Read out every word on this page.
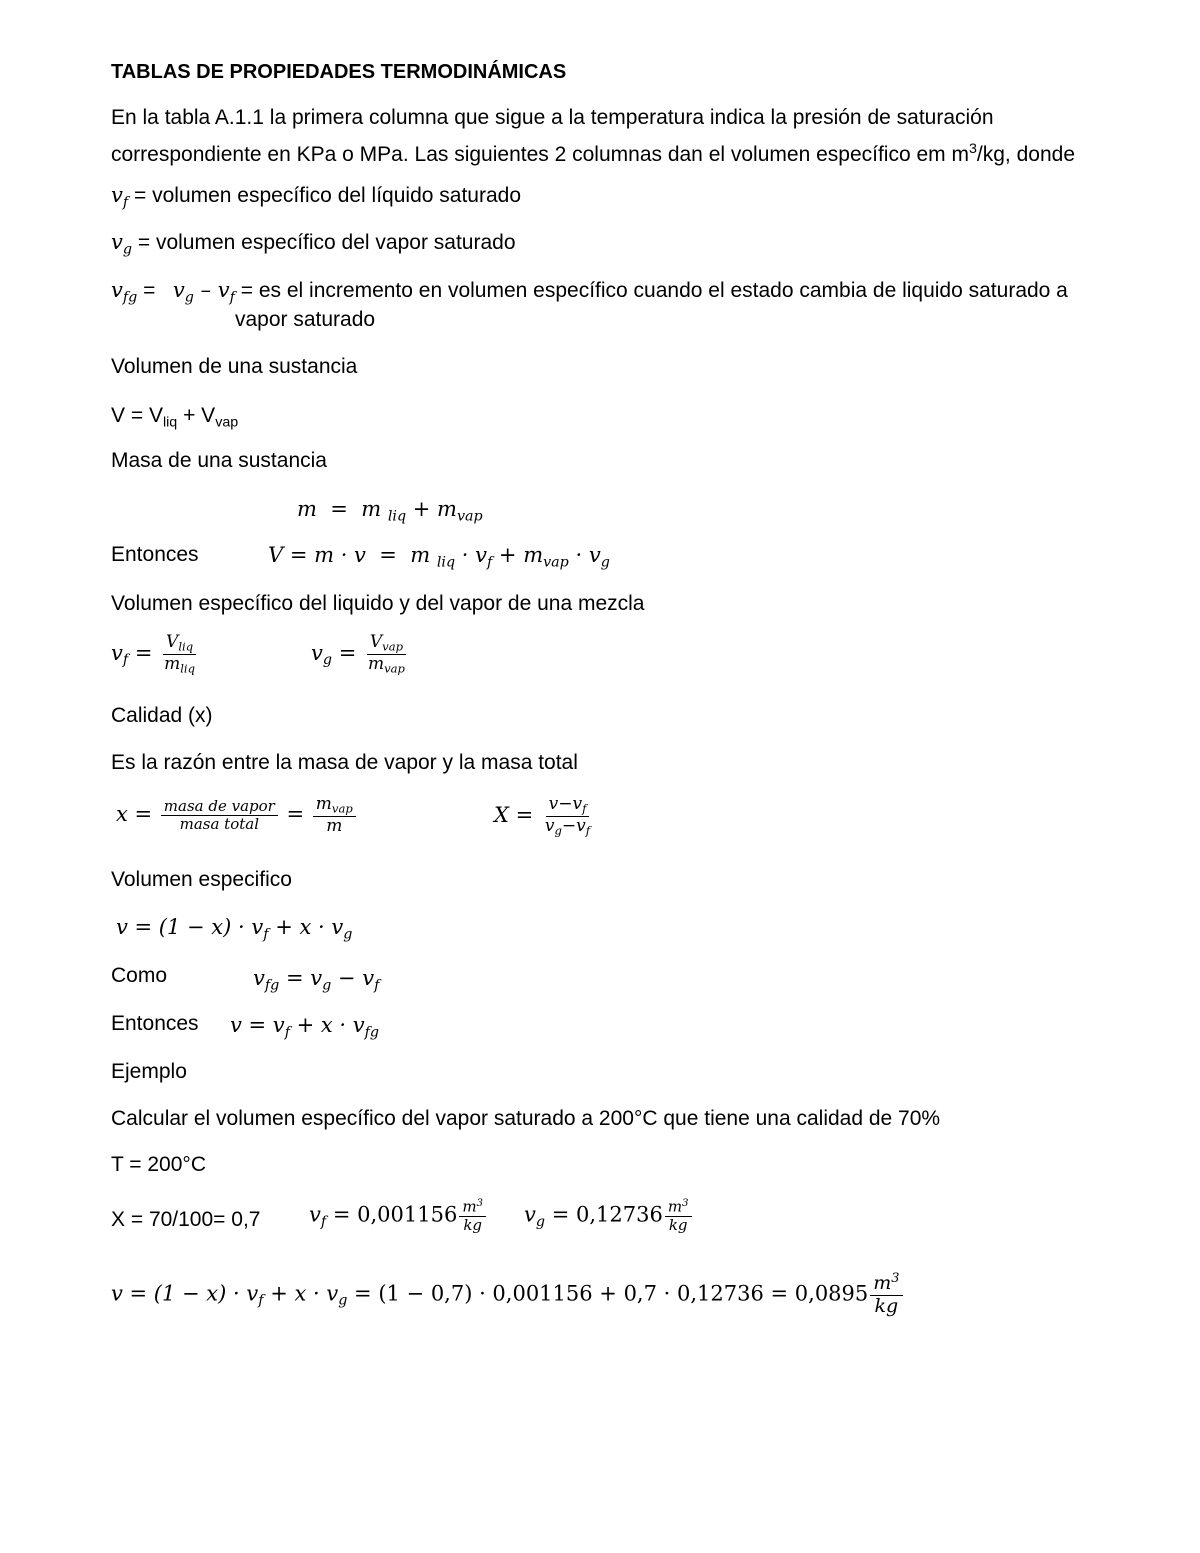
TABLAS DE PROPIEDADES TERMODINÁMICAS
En la tabla A.1.1 la primera columna que sigue a la temperatura indica la presión de saturación
correspondiente en KPa o MPa. Las siguientes 2 columnas dan el volumen específico em $m^3/kg$, donde
$v_f$ = volumen específico del líquido saturado
$v_g$ = volumen específico del vapor saturado
$v_{fg} = v_g - v_f$ = es el incremento en volumen específico cuando el estado cambia de liquido saturado a
vapor saturado
Volumen de una sustancia
$V = V_{liq} + V_{vap}$
Masa de una sustancia
m  =  m $_{liq} + m_{vap}$
Entonces	V = m · v  =  m $_{liq} \cdot v_f + m_{vap} \cdot v_g$
Volumen específico del liquido y del vapor de una mezcla
$v_f = \frac{V_{liq}}{m_{liq}}$	$v_g = \frac{V_{vap}}{m_{vap}}$
Calidad (x)
Es la razón entre la masa de vapor y la masa total
$x = \frac{\text{masa de vapor}}{\text{masa total}} = \frac{m_{vap}}{m}$	$X = \frac{v-v_f}{v_g-v_f}$
Volumen especifico
$v = (1 - x) \cdot v_f + x \cdot v_g$
Como	$v_{fg} = v_g - v_f$
Entonces $v = v_f + x \cdot v_{fg}$
Ejemplo
Calcular el volumen específico del vapor saturado a 200°C que tiene una calidad de 70%
T = 200°C
X = 70/100= 0,7 $v_f = 0,001156 \frac{m^3}{kg} v_g = 0,12736 \frac{m^3}{kg}$
$v = (1 - x) \cdot v_f + x \cdot v_g = (1 - 0,7) \cdot 0,001156 + 0,7 \cdot 0,12736 = 0,0895 \frac{m^3}{kg}$
